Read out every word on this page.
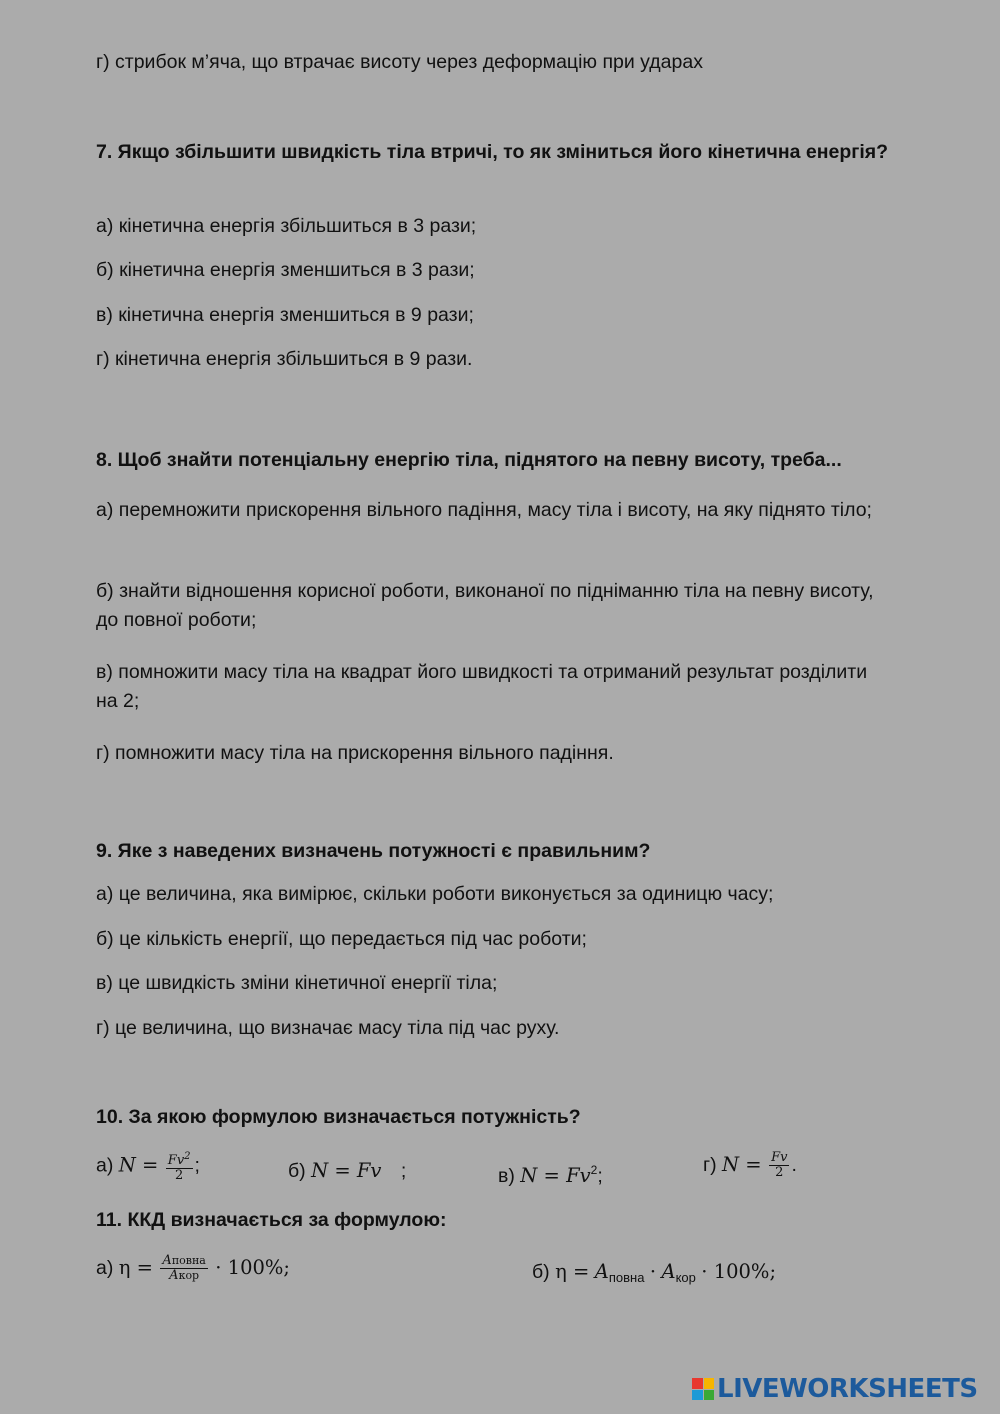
г) стрибок м’яча, що втрачає висоту через деформацію при ударах
7. Якщо збільшити швидкість тіла втричі, то як зміниться його кінетична енергія?
а) кінетична енергія збільшиться в 3 рази;
б) кінетична енергія зменшиться в 3 рази;
в) кінетична енергія зменшиться в 9 рази;
г) кінетична енергія збільшиться в 9 рази.
8. Щоб знайти потенціальну енергію тіла, піднятого на певну висоту, треба...
а) перемножити прискорення вільного падіння, масу тіла і висоту, на яку піднято тіло;
б) знайти відношення корисної роботи, виконаної по підніманню тіла на певну висоту, до повної роботи;
в) помножити масу тіла на квадрат його швидкості та отриманий результат розділити на 2;
г) помножити масу тіла на прискорення вільного падіння.
9. Яке з наведених визначень потужності є правильним?
а) це величина, яка вимірює, скільки роботи виконується за одиницю часу;
б) це кількість енергії, що передається під час роботи;
в) це швидкість зміни кінетичної енергії тіла;
г) це величина, що визначає масу тіла під час руху.
10. За якою формулою визначається потужність?
а) $N = \frac{Fv^2}{2}$ ;	б) N = Fv ;	в) $N = Fv^2$;	г) $N = \frac{Fv}{2}$ .
11. ККД визначається за формулою:
а) $\eta = \frac{\text{Aповна}}{\text{Aкор}} \cdot 100\%$;	б) $\eta = A_{повна} \cdot A_{кор} \cdot 100\%$;
LIVEWORKSHEETS
